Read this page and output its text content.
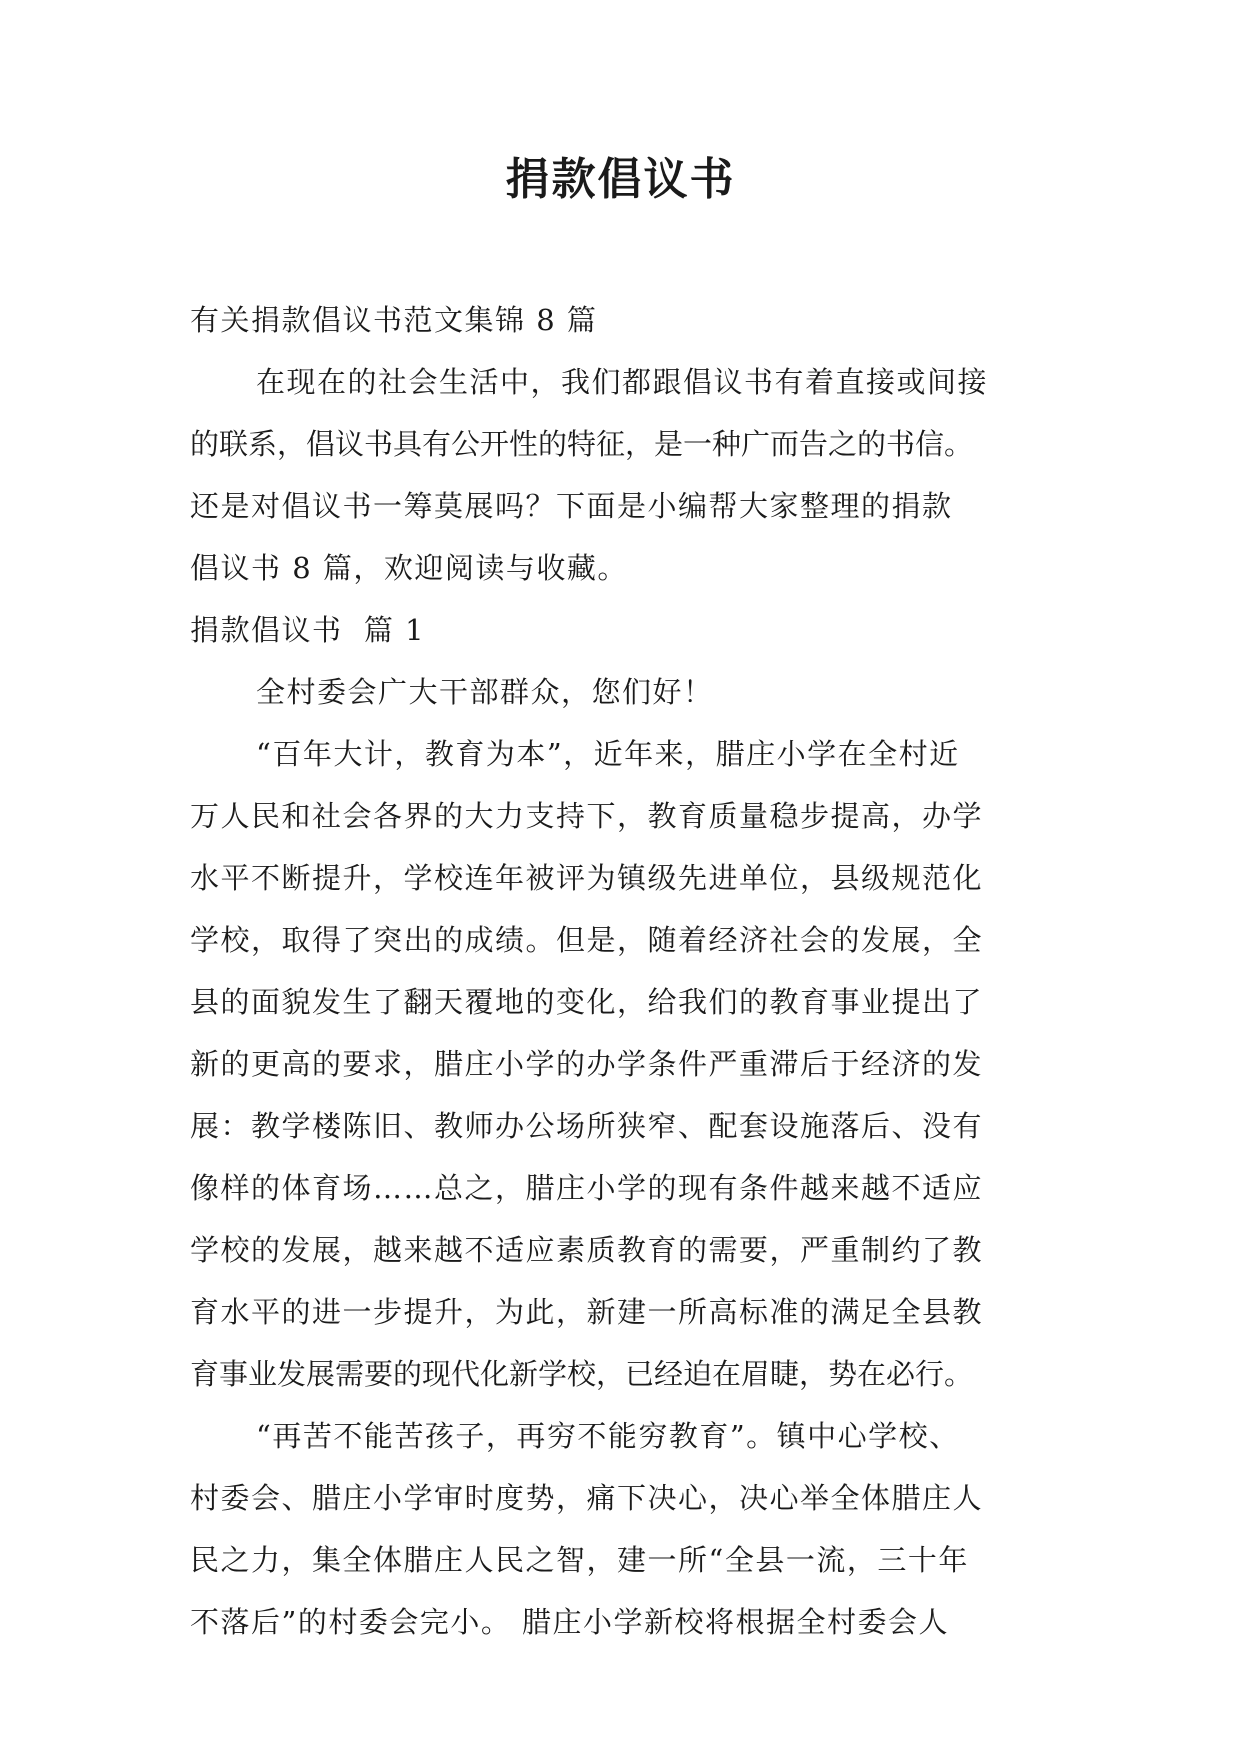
捐款倡议书
有关捐款倡议书范文集锦 8 篇
在现在的社会生活中，我们都跟倡议书有着直接或间接
的联系，倡议书具有公开性的特征，是一种广而告之的书信。
还是对倡议书一筹莫展吗？下面是小编帮大家整理的捐款
倡议书 8 篇，欢迎阅读与收藏。
捐款倡议书  篇 1
全村委会广大干部群众，您们好！
“百年大计，教育为本”，近年来，腊庄小学在全村近
万人民和社会各界的大力支持下，教育质量稳步提高，办学
水平不断提升，学校连年被评为镇级先进单位，县级规范化
学校，取得了突出的成绩。但是，随着经济社会的发展，全
县的面貌发生了翻天覆地的变化，给我们的教育事业提出了
新的更高的要求，腊庄小学的办学条件严重滞后于经济的发
展：教学楼陈旧、教师办公场所狭窄、配套设施落后、没有
像样的体育场……总之，腊庄小学的现有条件越来越不适应
学校的发展，越来越不适应素质教育的需要，严重制约了教
育水平的进一步提升，为此，新建一所高标准的满足全县教
育事业发展需要的现代化新学校，已经迫在眉睫，势在必行。
“再苦不能苦孩子，再穷不能穷教育”。镇中心学校、
村委会、腊庄小学审时度势，痛下决心，决心举全体腊庄人
民之力，集全体腊庄人民之智，建一所“全县一流，三十年
不落后”的村委会完小。 腊庄小学新校将根据全村委会人
